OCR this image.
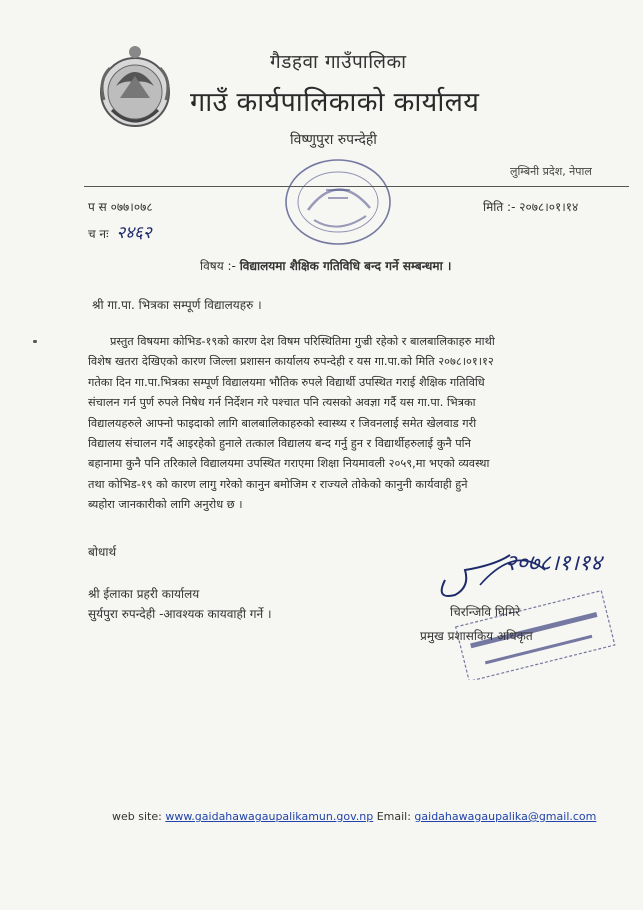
गैडहवा गाउँपालिका
गाउँ कार्यपालिकाको कार्यालय
विष्णुपुरा रुपन्देही
लुम्बिनी प्रदेश, नेपाल
प स ०७७।०७८
च नः २४६२
मिति :- २०७८।०१।१४
विषय :- विद्यालयमा शैक्षिक गतिविधि बन्द गर्ने सम्बन्धमा ।
श्री गा.पा. भित्रका सम्पूर्ण विद्यालयहरु ।
प्रस्तुत विषयमा कोभिड-१९को कारण देश विषम परिस्थितिमा गुज्री रहेको र बालबालिकाहरु माथी
विशेष खतरा देखिएको कारण जिल्ला प्रशासन कार्यालय रुपन्देही र यस गा.पा.को मिति २०७८।०१।१२
गतेका दिन गा.पा.भित्रका सम्पूर्ण विद्यालयमा भौतिक रुपले विद्यार्थी उपस्थित गराई शैक्षिक गतिविधि
संचालन गर्न पुर्ण रुपले निषेध गर्न निर्देशन गरे पश्चात पनि त्यसको अवज्ञा गर्दै यस गा.पा. भित्रका
विद्यालयहरुले आफ्नो फाइदाको लागि बालबालिकाहरुको स्वास्थ्य र जिवनलाई समेत खेलवाड गरी
विद्यालय संचालन गर्दै आइरहेको हुनाले तत्काल विद्यालय बन्द गर्नु हुन र विद्यार्थीहरुलाई कुनै पनि
बहानामा कुनै पनि तरिकाले विद्यालयमा उपस्थित गराएमा शिक्षा नियमावली २०५९,मा भएको व्यवस्था
तथा कोभिड-१९ को कारण लागु गरेको कानुन बमोजिम र राज्यले तोकेको कानुनी कार्यवाही हुने
ब्यहोरा जानकारीको लागि अनुरोध छ ।
बोधार्थ
श्री ईलाका प्रहरी कार्यालय
सुर्यपुरा रुपन्देही -आवश्यक कायवाही गर्ने ।
२०७८।१।१४
चिरन्जिवि घिमिरे
प्रमुख प्रशासकिय अधिकृत
web site: www.gaidahawagaupalikamun.gov.np Email: gaidahawagaupalika@gmail.com
